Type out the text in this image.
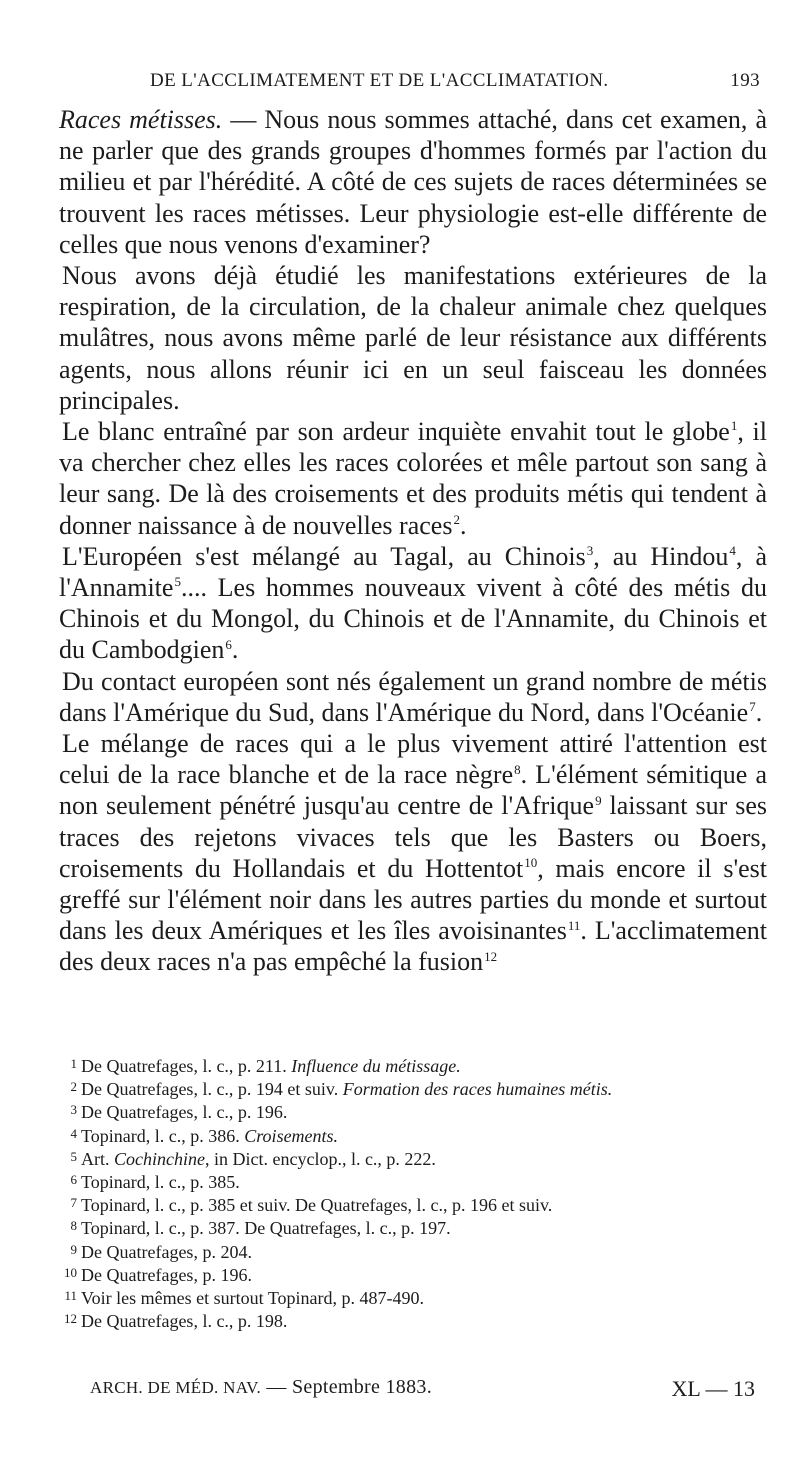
DE L'ACCLIMATEMENT ET DE L'ACCLIMATATION.	193

Races métisses. — Nous nous sommes attaché, dans cet examen, à ne parler que des grands groupes d'hommes formés par l'action du milieu et par l'hérédité. A côté de ces sujets de races déterminées se trouvent les races métisses. Leur physiologie est-elle différente de celles que nous venons d'examiner?

Nous avons déjà étudié les manifestations extérieures de la respiration, de la circulation, de la chaleur animale chez quelques mulâtres, nous avons même parlé de leur résistance aux différents agents, nous allons réunir ici en un seul faisceau les données principales.

Le blanc entraîné par son ardeur inquiète envahit tout le globe$^1$, il va chercher chez elles les races colorées et mêle partout son sang à leur sang. De là des croisements et des produits métis qui tendent à donner naissance à de nouvelles races$^2$.

L'Européen s'est mélangé au Tagal, au Chinois$^3$, au Hindou$^4$, à l'Annamite$^5$.... Les hommes nouveaux vivent à côté des métis du Chinois et du Mongol, du Chinois et de l'Annamite, du Chinois et du Cambodgien$^6$.

Du contact européen sont nés également un grand nombre de métis dans l'Amérique du Sud, dans l'Amérique du Nord, dans l'Océanie$^7$.

Le mélange de races qui a le plus vivement attiré l'attention est celui de la race blanche et de la race nègre$^8$. L'élément sémitique a non seulement pénétré jusqu'au centre de l'Afrique$^9$ laissant sur ses traces des rejetons vivaces tels que les Basters ou Boers, croisements du Hollandais et du Hottentot$^{10}$, mais encore il s'est greffé sur l'élément noir dans les autres parties du monde et surtout dans les deux Amériques et les îles avoisinantes$^{11}$. L'acclimatement des deux races n'a pas empêché la fusion$^{12}$

1 De Quatrefages, l. c., p. 211. Influence du métissage.

2 De Quatrefages, l. c., p. 194 et suiv. Formation des races humaines métis.

3 De Quatrefages, l. c., p. 196.

4 Topinard, l. c., p. 386. Croisements.

5 Art. Cochinchine, in Dict. encyclop., l. c., p. 222.

6 Topinard, l. c., p. 385.

7 Topinard, l. c., p. 385 et suiv. De Quatrefages, l. c., p. 196 et suiv.

8 Topinard, l. c., p. 387. De Quatrefages, l. c., p. 197.

9 De Quatrefages, p. 204.

10 De Quatrefages, p. 196.

11 Voir les mêmes et surtout Topinard, p. 487-490.

12 De Quatrefages, l. c., p. 198.

ARCH. DE MÉD. NAV. — Septembre 1883.	XL — 13
